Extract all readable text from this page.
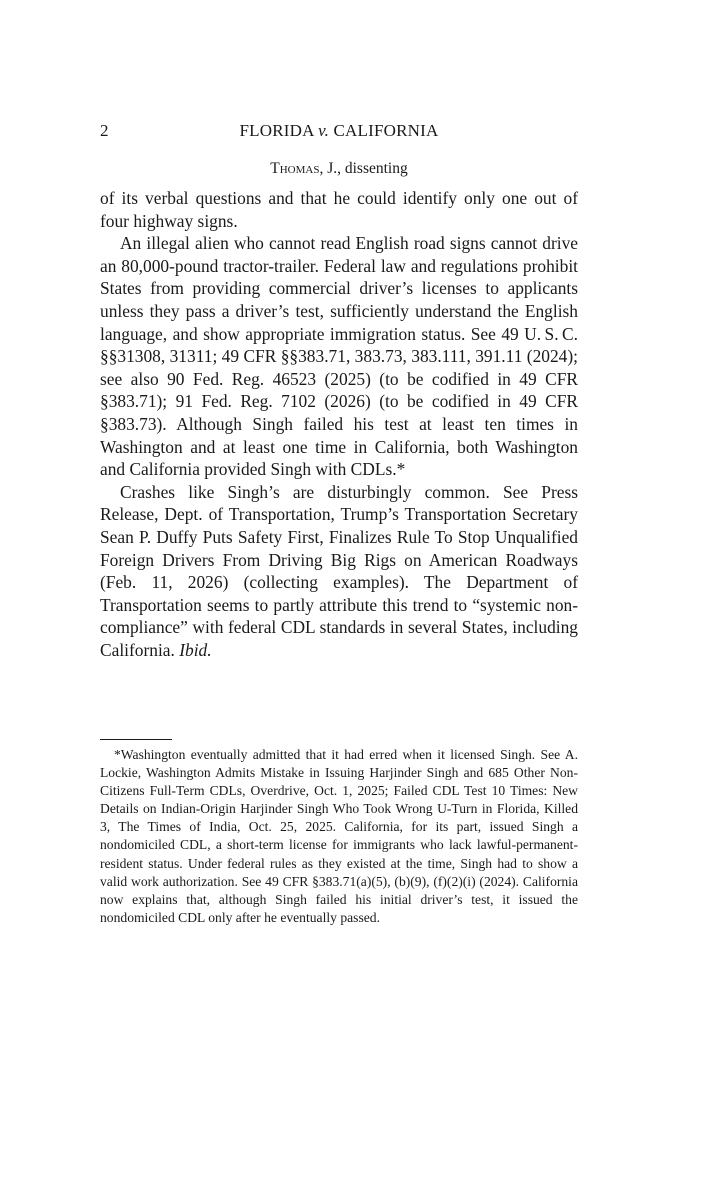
2	FLORIDA v. CALIFORNIA
Thomas, J., dissenting

of its verbal questions and that he could identify only one out of four highway signs.

An illegal alien who cannot read English road signs cannot drive an 80,000-pound tractor-trailer. Federal law and regulations prohibit States from providing commercial driver’s licenses to applicants unless they pass a driver’s test, sufficiently understand the English language, and show appropriate immigration status. See 49 U. S. C. §§31308, 31311; 49 CFR §§383.71, 383.73, 383.111, 391.11 (2024); see also 90 Fed. Reg. 46523 (2025) (to be codified in 49 CFR §383.71); 91 Fed. Reg. 7102 (2026) (to be codified in 49 CFR §383.73). Although Singh failed his test at least ten times in Washington and at least one time in California, both Washington and California provided Singh with CDLs.*

Crashes like Singh’s are disturbingly common. See Press Release, Dept. of Transportation, Trump’s Transportation Secretary Sean P. Duffy Puts Safety First, Finalizes Rule To Stop Unqualified Foreign Drivers From Driving Big Rigs on American Roadways (Feb. 11, 2026) (collecting examples). The Department of Transportation seems to partly attribute this trend to “systemic non-compliance” with federal CDL standards in several States, including California. Ibid.

*Washington eventually admitted that it had erred when it licensed Singh. See A. Lockie, Washington Admits Mistake in Issuing Harjinder Singh and 685 Other Non-Citizens Full-Term CDLs, Overdrive, Oct. 1, 2025; Failed CDL Test 10 Times: New Details on Indian-Origin Harjinder Singh Who Took Wrong U-Turn in Florida, Killed 3, The Times of India, Oct. 25, 2025. California, for its part, issued Singh a nondomiciled CDL, a short-term license for immigrants who lack lawful-permanent-resident status. Under federal rules as they existed at the time, Singh had to show a valid work authorization. See 49 CFR §383.71(a)(5), (b)(9), (f)(2)(i) (2024). California now explains that, although Singh failed his initial driver’s test, it issued the nondomiciled CDL only after he eventually passed.
